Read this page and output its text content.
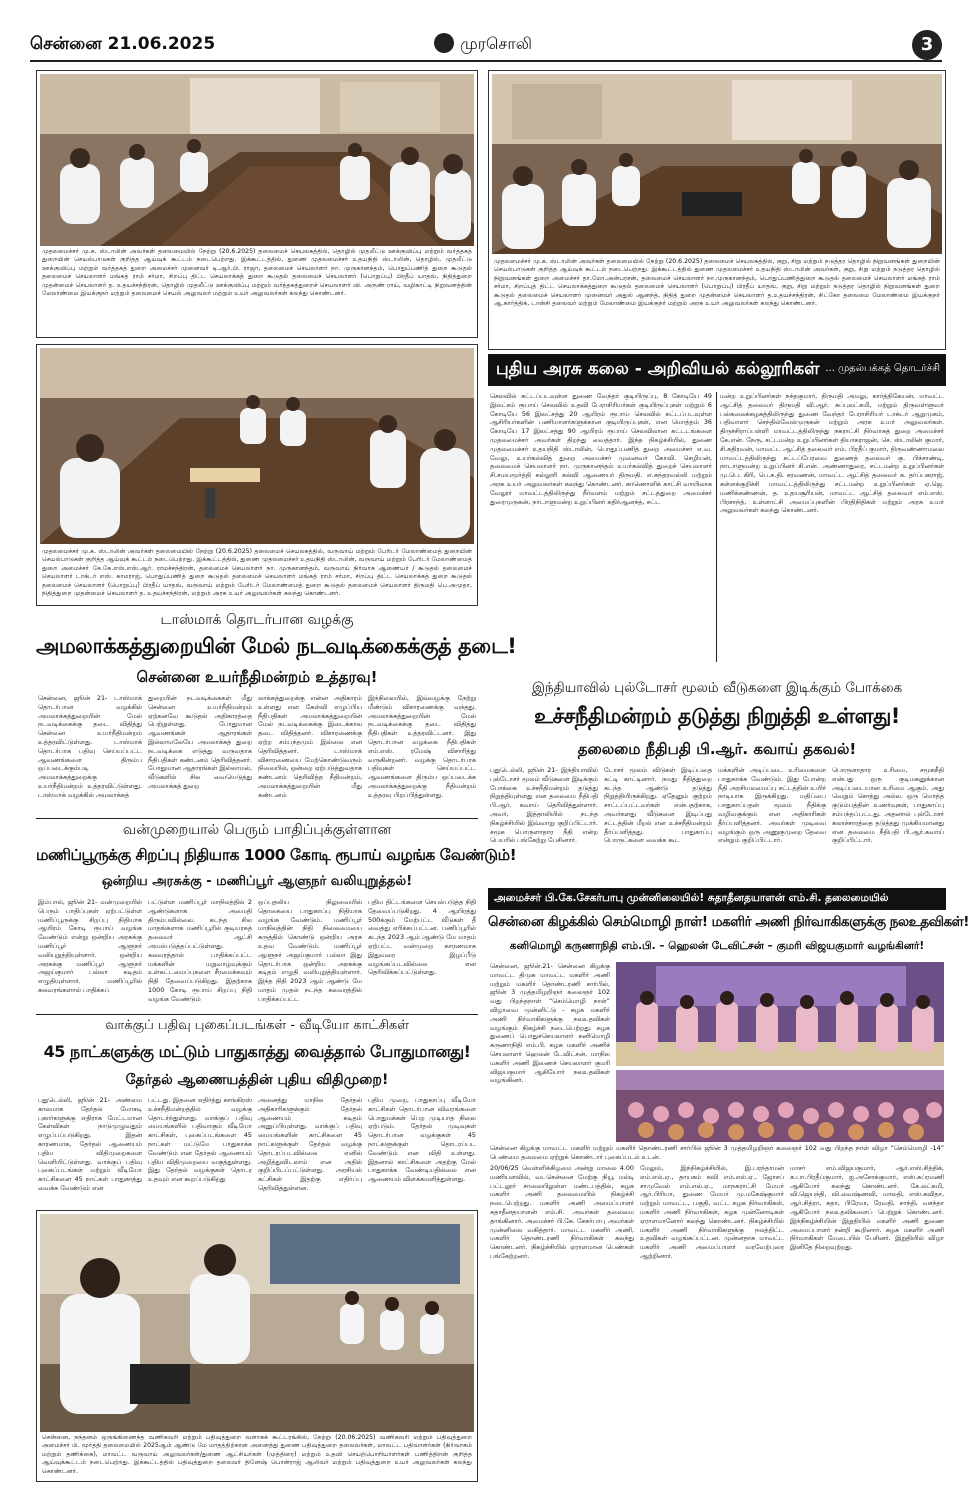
சென்னை 21.06.2025	முரசொலி	3
முதலமைச்சர் மு.க. ஸ்டாலின் அவர்கள் தலைமையில் நேற்று (20.6.2025) தலைமைச் செயலகத்தில், தொழில் முதலீட்டு ஊக்குவிப்பு மற்றும் வர்த்தகத் துறையின் செயல்பாடுகள் குறித்த ஆய்வுக் கூட்டம் நடைபெற்றது. இக்கூட்டத்தில், துணை முதலமைச்சர் உதயநிதி ஸ்டாலின், தொழில், முதலீட்டு ஊக்குவிப்பு மற்றும் வர்த்தகத் துறை அமைச்சர் முனைவர் டி.ஆர்.பி. ராஜா, தலைமைச் செயலாளர் நா. முருகானந்தம், பொதுப்பணித் துறை கூடுதல் தலைமைச் செயலாளர் மங்கத் ராம் சர்மா, சிறப்பு திட்ட செயலாக்கத் துறை கூடுதல் தலைமைச் செயலாளர் (பொறுப்பு) பிரதீப் யாதவ், நிதித்துறை முதன்மைச் செயலாளர் த. உதயச்சந்திரன், தொழில் முதலீட்டு ஊக்குவிப்பு மற்றும் வர்த்தகத்துறைச் செயலாளர் வி. அருண் ராய், வழிகாட்டி நிறுவனத்தின் மேலாண்மை இயக்குநர் மற்றும் தலைமைச் செயல் அலுவலர் மற்றும் உயர் அலுவலர்கள் கலந்து கொண்டனர்.
முதலமைச்சர் மு.க. ஸ்டாலின் அவர்கள் தலைமையில் நேற்று (20.6.2025) தலைமைச் செயலகத்தில், குறு, சிறு மற்றும் நடுத்தர தொழில் நிறுவனங்கள் துறையின் செயல்பாடுகள் குறித்த ஆய்வுக் கூட்டம் நடைபெற்றது. இக்கூட்டத்தில் துணை முதலமைச்சர் உதயநிதி ஸ்டாலின் அவர்கள், குறு, சிறு மற்றும் நடுத்தர தொழில் நிறுவனங்கள் துறை அமைச்சர் தா.மோ.அன்பரசன், தலைமைச் செயலாளர் நா.முருகானந்தம், பொதுப்பணித்துறை கூடுதல் தலைமைச் செயலாளர் மங்கத் ராம் சர்மா, சிறப்புத் திட்ட செயலாக்கத்துறை கூடுதல் தலைமைச் செயலாளர் (பொறுப்பு) பிரதீப் யாதவ், குறு, சிறு மற்றும் நடுத்தர தொழில் நிறுவனங்கள் துறை கூடுதல் தலைமைச் செயலாளர் முனைவர் அதுல் ஆனந்த், நிதித் துறை முதன்மைச் செயலாளர் த.உதயச்சந்திரன், சிட்கோ தலைமை மேலாண்மை இயக்குநர் ஆ.கார்த்திக், டான்சி தலைவர் மற்றும் மேலாண்மை இயக்குநர் மற்றும் அரசு உயர் அலுவலர்கள் கலந்து கொண்டனர்.
முதலமைச்சர் மு.க. ஸ்டாலின் அவர்கள் தலைமையில் நேற்று (20.6.2025) தலைமைச் செயலகத்தில், வருவாய் மற்றும் பேரிடர் மேலாண்மைத் துறையின் செயல்பாடுகள் குறித்த ஆய்வுக் கூட்டம் நடைபெற்றது. இக்கூட்டத்தில், துணை முதலமைச்சர் உதயநிதி ஸ்டாலின், வருவாய் மற்றும் பேரிடர் மேலாண்மைத் துறை அமைச்சர் கே.கே.எஸ்.எஸ்.ஆர். ராமச்சந்திரன், தலைமைச் செயலாளர் நா. முருகானந்தம், வருவாய் நிர்வாக ஆணையர் / கூடுதல் தலைமைச் செயலாளர் டாக்டர் எஸ். காமராஜ், பொதுப்பணித் துறை கூடுதல் தலைமைச் செயலாளர் மங்கத் ராம் சர்மா, சிறப்பு திட்ட செயலாக்கத் துறை கூடுதல் தலைமைச் செயலாளர் (பொறுப்பு) பிரதீப் யாதவ், வருவாய் மற்றும் பேரிடர் மேலாண்மைத் துறை கூடுதல் தலைமைச் செயலாளர் திருமதி பெ.அமுதா, நிதித்துறை முதன்மைச் செயலாளர் த. உதயச்சந்திரன், மற்றும் அரசு உயர் அலுவலர்கள் கலந்து கொண்டனர்.
புதிய அரசு கலை - அறிவியல் கல்லூரிகள் ... முதல்பக்கத் தொடர்ச்சி
செலவில் கட்டப்படவுள்ள துணை வேந்தர் குடியிருப்பு, 8 கோடியே 49 இலட்சம் ரூபாய் செலவில் உதவி பேராசிரியர்கள் குடியிருப்புகள் மற்றும் 6 கோடியே 56 இலட்சத்து 20 ஆயிரம் ரூபாய் செலவில் கட்டப்படவுள்ள ஆசிரியர்களின் பணியாளர்களுக்கான குடியிருப்புகள், என மொத்தம் 36 கோடியே 17 இலட்சத்து 90 ஆயிரம் ரூபாய் செலவிலான கட்டடங்களை முதலமைச்சர் அவர்கள் திறந்து வைத்தார். இந்த நிகழ்ச்சியில், துணை முதலமைச்சர் உதயநிதி ஸ்டாலின், பொதுப்பணித் துறை அமைச்சர் எ.வ. வேலு, உயர்கல்வித் துறை அமைச்சர் முனைவர் கோவி. செழியன், தலைமைச் செயலாளர் நா. முருகானந்தம் உயர்கல்வித் துறைச் செயலாளர் சி.சமயமூர்த்தி கல்லூரி கல்வி ஆணையர் திருமதி. எ.சுந்தரவல்லி மற்றும் அரசு உயர் அலுவலர்கள் கலந்து கொண்டனர். காணொளிக் காட்சி வாயிலாக வேலூர் மாவட்டத்திலிருந்து நீர்வளம் மற்றும் சட்டத்துறை அமைச்சர் துரைமுருகன், நாடாளுமன்ற உறுப்பினர் கதிர்ஆனந்த், சட்ட
மன்ற உறுப்பினர்கள் நந்தகுமார், திருமதி அமலு, கார்த்திகேயன், மாவட்ட ஆட்சித் தலைவர் திருமதி வி.ஆர். சுப்புலட்சுமி, மற்றும் திருவள்ளுவர் பல்கலைக்கழகத்திலிருந்து துணை வேந்தர் பேராசிரியர் டாக்டர் ஆறுமுகம், பதிவாளர் செந்தில்வேல்முருகன் மற்றும் அரசு உயர் அலுவலர்கள். திருச்சிராப்பள்ளி மாவட்டத்திலிருந்து நகராட்சி நிர்வாகத் துறை அமைச்சர் கே.என். நேரு, சட்டமன்ற உறுப்பினர்கள் தியாகராஜன், செ. ஸ்டாலின் குமார், சி.கதிரவன், மாவட்ட ஆட்சித் தலைவர் எம். பிரதீப் குமார், திருவண்ணாமலை மாவட்டத்திலிருந்து சட்டப்பேரவை துணைத் தலைவர் கு. பிச்சாண்டி, நாடாளுமன்ற உறுப்பினர் சி.என். அண்ணாதுரை, சட்டமன்ற உறுப்பினர்கள் மு.பெ. கிரி, பெ.சு.தி. சரவணன், மாவட்ட ஆட்சித் தலைவர் க. தர்ப்பகராஜ், கள்ளக்குறிச்சி மாவட்டத்திலிருந்து சட்டமன்ற உறுப்பினர்கள் ஏ.ஜெ. மணிக்கண்ணன், த. உதயசூரியன், மாவட்ட ஆட்சித் தலைவர் எம்.எஸ். பிரசாந்த், உள்ளாட்சி அமைப்புகளின் பிரதிநிதிகள் மற்றும் அரசு உயர் அலுவலர்கள் கலந்து கொண்டனர்.
டாஸ்மாக் தொடர்பான வழக்கு
அமலாக்கத்துறையின் மேல் நடவடிக்கைக்குத் தடை!
சென்னை உயர்நீதிமன்றம் உத்தரவு!
சென்னை, ஜூன் 21- டாஸ்மாக் தொடர்பான வழக்கில் அமலாக்கத்துறையின் மேல் நடவடிக்கைக்கு தடை விதித்து சென்னை உயர்நீதிமன்றம் உத்தரவிட்டுள்ளது. டாஸ்மாக் தொடர்பாக பதிவு செய்யப்பட்ட ஆவணங்களை திரும்ப ஒப்படைக்கும்படி அமலாக்கத்துறைக்கு உயர்நீதிமன்றம் உத்தரவிட்டுள்ளது. டாஸ்மாக் வழக்கில் அமலாக்கத்
துறையின் நடவடிக்கைகள் மீது சென்னை உயர்நீதிமன்றம் ஏற்கனவே கூடுதல் அதிகாரத்தை பெற்றுள்ளது. போதுமான ஆவணங்கள் ஆதாரங்கள் இல்லாமலேயே அமலாக்கத் துறை நடவடிக்கை எடுத்து வருவதாக நீதிபதிகள் கண்டனம் தெரிவித்தனர். போதுமான ஆதாரங்கள் இல்லாமல், வீடுகளில் சில வையெடுத்து அமலாக்கத் துறை
லாக்கத்துறைக்கு என்ன அதிகாரம் உள்ளது என கேள்வி எழுப்பிய நீதிபதிகள் அமலாக்கத்துறையின் மேல் நடவடிக்கைக்கு இடைக்கால தடை விதித்தனர். விசாரணைக்கு ஏற்ற சம்பந்தமும் இல்லை என தெரிவித்தனர். டாஸ்மாக் விசாரணையை மேற்கொண்டுவரும் நிலையில், ஒன்றை ஏற்படுத்துவதாக கண்டனம் தெரிவித்த நீதிமன்றம், அமலாக்கத்துறையின் மீது கண்டனம்
இந்நிலையில், இவ்வழக்கு நேற்று மீண்டும் விசாரணைக்கு வந்தது. அமலாக்கத்துறையின் மேல் நடவடிக்கைக்கு தடை விதித்து நீதிபதிகள் உத்தரவிட்டனர். இது தொடர்பான வழக்கை நீதிபதிகள் எம்.எஸ். ரமேஷ் விசாரித்து வருகின்றனர். வழக்கு தொடர்பாக பதிவுகள் செய்யப்பட்ட ஆவணங்களை திரும்ப ஒப்படைக்க அமலாக்கத்துறைக்கு நீதிமன்றம் உத்தரவு பிறப்பித்துள்ளது.
வன்முறையால் பெரும் பாதிப்புக்குள்ளான
மணிப்பூருக்கு சிறப்பு நிதியாக 1000 கோடி ரூபாய் வழங்க வேண்டும்!
ஒன்றிய அரசுக்கு - மணிப்பூர் ஆளுநர் வலியுறுத்தல்!
இம்பால், ஜூன் 21- வன்முறையில் பெரும் பாதிப்புகள் ஏற்பட்டுள்ள மணிப்பூருக்கு சிறப்பு நிதியாக ஆயிரம் கோடி ரூபாய் வழங்க வேண்டும் என்று ஒன்றிய அரசுக்கு மணிப்பூர் ஆளுநர் வலியுறுத்தியுள்ளார். ஒன்றிய அரசுக்கு மணிப்பூர் ஆளுநர் அஜய்குமார் பல்லா கடிதம் எழுதியுள்ளார். மணிப்பூரில் கலவரங்களால் பாதிக்கப்
பட்டுள்ள மணிப்பூர் மாநிலத்தில் 2 ஆண்டுகளாக அமைதி திரும்பவில்லை. கடந்த சில மாதங்களாக மணிப்பூரில் குடியரசுத் தலைவர் ஆட்சி அமல்படுத்தப்பட்டுள்ளது. கலவரத்தால் பாதிக்கப்பட்ட மக்களின் மறுவாழ்வுக்கும் உள்கட்டமைப்புகளை சீரமைக்கவும் நிதி தேவைப்படுகிறது. இதற்காக 1000 கோடி ரூபாய் சிறப்பு நிதி வழங்க வேண்டும்
ஒப்புதலிய நிலுவையில் தொகையை பாதுகாப்பு நிதியாக வழங்க வேண்டும். மணிப்பூர் மாநிலத்தின் நிதி நிலைமையை கருத்தில் கொண்டு ஒன்றிய அரசு உதவ வேண்டும். மணிப்பூர் ஆளுநர் அஜய்குமார் பல்லா இது தொடர்பாக ஒன்றிய அரசுக்கு கடிதம் எழுதி வலியுறுத்தியுள்ளார். இந்த நிதி 2023 ஆம் ஆண்டு மே மாதம் முதல் நடந்த கலவரத்தில் பாதிக்கப்பட்ட
புதிய திட்டங்களை செயல்படுத்த நிதி தேவைப்படுகிறது. 4 ஆயிரத்து 500க்கும் மேற்பட்ட வீடுகள் தீ வைத்து எரிக்கப்பட்டன. பணிப்பூரில் கடந்த 2023 ஆம் ஆண்டு மே மாதம் ஏற்பட்ட வன்முறை காரணமாக இதுவரை இழப்பீடு வழங்கப்படவில்லை என தெரிவிக்கப்பட்டுள்ளது.
வாக்குப் பதிவு புகைப்படங்கள் - வீடியோ காட்சிகள்
45 நாட்களுக்கு மட்டும் பாதுகாத்து வைத்தால் போதுமானது!
தேர்தல் ஆணையத்தின் புதிய விதிமுறை!
புதுடெல்லி, ஜூன் 21- அண்மை காலமாக தேர்தல் மோசடி புகார்களுக்கு எதிராக மேட்டமான கேள்விகள் நாடுமுழுவதும் எழுப்பப்படுகிறது. இதன் காரணமாக, தேர்தல் ஆணையம் புதிய விதிமுறைகளை வெளியிட்டுள்ளது. வாக்குப் பதிவு புகைப்படங்கள் மற்றும் வீடியோ காட்சிகளை 45 நாட்கள் பாதுகாத்து வைக்க வேண்டும் என
பட்டது. இதனை எதிர்த்து காங்கிரஸ் உச்சநீதிமன்றத்தில் வழக்கு தொடர்ந்துள்ளது. வாக்குப் பதிவு மையங்களில் பதிவாகும் வீடியோ காட்சிகள், புகைப்படங்களை 45 நாட்கள் மட்டுமே பாதுகாக்க வேண்டும் என தேர்தல் ஆணையம் புதிய விதிமுறையை வகுத்துள்ளது. இது தேர்தல் வழக்குகள் தொடர உதவும் என கூறப்படுகிறது
அனைத்து மாநில தேர்தல் அதிகாரிகளுக்கும் தேர்தல் ஆணையம் கடிதம் அனுப்பியுள்ளது. வாக்குப் பதிவு மையங்களின் காட்சிகளை 45 நாட்களுக்குள் தேர்தல் வழக்கு தொடரப்படவில்லை எனில் அழித்துவிடலாம் என அதில் குறிப்பிடப்பட்டுள்ளது. அரசியல் கட்சிகள் இதற்கு எதிர்ப்பு தெரிவித்துள்ளன.
புதிய முறை, பாதுகாப்பு வீடியோ காட்சிகள் தொடர்பான விவரங்களை பொதுமக்கள் பெற முடியாத நிலை ஏற்படும். தேர்தல் முடிவுகள் தொடர்பான வழக்குகள் 45 நாட்களுக்குள் தொடரப்பட வேண்டும் என விதி உள்ளது. இதனால் காட்சிகளை அதற்கு மேல் பாதுகாக்க வேண்டியதில்லை என ஆணையம் விளக்கமளித்துள்ளது.
சென்னை, நந்தனம் ஒருங்கிணைந்த வணிகவரி மற்றும் பதிவுத்துறை வளாகக் கூட்டரங்கில், நேற்று (20.06.2025) வணிகவரி மற்றும் பதிவுத்துறை அமைச்சர் பி. மூர்த்தி தலைமையில் 2025ஆம் ஆண்டு மே மாதத்திற்கான அனைத்து துணை பதிவுத்துறை தலைவர்கள், மாவட்ட பதிவாளர்கள் (நிர்வாகம் மற்றும் தணிக்கை), மாவட்ட வருவாய் அலுவலர்கள்/துணை ஆட்சியர்கள் (முத்திரை) மற்றும் உதவி செயற்பொறியாளர்கள் பணித்திறன் குறித்த ஆய்வுக்கூட்டம் நடைபெற்றது. இக்கூட்டத்தில் பதிவுத்துறை தலைவர் தினேஷ் பொன்ராஜ் ஆலிவர் மற்றும் பதிவுத்துறை உயர் அலுவலர்கள் கலந்து கொண்டனர்.
இந்தியாவில் புல்டோசர் மூலம் வீடுகளை இடிக்கும் போக்கை
உச்சநீதிமன்றம் தடுத்து நிறுத்தி உள்ளது!
தலைமை நீதிபதி பி.ஆர். கவாய் தகவல்!
புதுடெல்லி, ஜூன் 21- இந்தியாவில் புல்டோசர் மூலம் வீடுகளை இடிக்கும் போக்கை உச்சநீதிமன்றம் தடுத்து நிறுத்தியுள்ளது என தலைமை நீதிபதி பி.ஆர். கவாய் தெரிவித்துள்ளார். அவர், இத்தாலியில் நடந்த நிகழ்ச்சியில் இவ்வாறு குறிப்பிட்டார். சமூக பொருளாதார நீதி என்ற பெயரில் பங்கேற்று பேசினார்.
டோசர் மூலம் விடுகள் இடிப்பதை கட்டி காட்டினார். நமது நீதித்துறை கடந்த ஆண்டு தடுத்து நிறுத்தியிருக்கிறது. ஏதேனும் குற்றம் சாட்டப்பட்டவர்கள் என்பதற்காக, அவர்களது வீடுகளை இடிப்பது சட்டத்தின் மீறல் என உச்சநீதிமன்றம் தீர்ப்பளித்தது. பாதுகாப்பு பொருட்களை வைக்க கூட
மக்களின் அடிப்படை உரிமைகளை பாதுகாக்க வேண்டும். இது போன்ற நீதி அரசியலமைப்பு சட்டத்தின் உயிர் நாடியாக இருக்கிறது. மதிப்பை பாதுகாப்பதன் மூலம் நீதிக்கு வழிவகுக்கும் என அதிகாரிகள் தீர்ப்பளித்தனர். அவர்கள் முடிவை வழங்கும் ஒரு அணுகுமுறை தேவை என்றும் குறிப்பிட்டார்.
பொருளாதார உரிமை, சமூகநீதி என்பது ஒரு குடிமகனுக்கான அடிப்படையான உரிமை ஆகும். அது வெறும் சொத்து அல்ல. ஒரு மொத்த குடும்பத்தின் உணர்வுகள், பாதுகாப்பு சம்பந்தப்பட்டது. அதனால் புல்டோசர் கலாச்சாரத்தை தடுத்தது முக்கியமானது என தலைமை நீதிபதி பி.ஆர்.கவாய் குறிப்பிட்டார்.
அமைச்சர் பி.கே.சேகர்பாபு முன்னிலையில்! சுதாதீனதயாளன் எம்.சி. தலைமையில்
சென்னை கிழக்கில் செம்மொழி நாள்! மகளிர் அணி நிர்வாகிகளுக்கு நலஉதவிகள்!
கனிமொழி கருணாநிதி எம்.பி. – ஹெலன் டேவிட்சன் – குமரி விஜயகுமார் வழங்கினர்!
சென்னை, ஜூன்.21- சென்னை கிழக்கு மாவட்ட திமுக மாவட்ட மகளிர் அணி மற்றும் மகளிர் தொண்டரணி சார்பில், ஜூன் 3 முத்தமிழறிஞர் கலைஞர் 102 வது பிறந்தநாள் “செம்மொழி நாள்” விழாவை முன்னிட்டு - கழக மகளிர் அணி நிர்வாகிகளுக்கு நலஉதவிகள் வழங்கும் நிகழ்ச்சி நடைபெற்றது. கழக துணைப் பொதுச்செயலாளர் கனிமொழி கருணாநிதி எம்.பி. கழக மகளிர் அணிச் செயலாளர் ஹெலன் டேவிட்சன், மாநில மகளிர் அணி இணைச் செயலாளர் குமரி விஜயகுமார் ஆகியோர் நலஉதவிகள் வழங்கினர்.
சென்னை கிழக்கு மாவட்ட மகளிர் மற்றும் மகளிர் தொண்டரணி சார்பில் ஜூன் 3 முத்தமிழறிஞர் கலைஞர் 102 வது பிறந்த நாள் விழா “செம்மொழி -14” பெண்மை தலைமை ஏற்றுக் கொண்டார் புகைப்படம் உடன்.
20/06/25 வெள்ளிக்கிழமை அன்று மாலை 4.00 மணியளவில், வடசென்னை மேற்கு நியூ மல்டி பட்டலூர் சாலையிலுள்ள மண்டபத்தில், கழக மகளிர் அணி தலைமையில் நிகழ்ச்சி நடைபெற்றது. மகளிர் அணி அமைப்பாளர் சுதாதீனதயாளன் எம்.சி. அவர்கள் தலைமை தாங்கினார். அமைச்சர் பி.கே. சேகர்பாபு அவர்கள் முன்னிலை வகித்தார். மாவட்ட மகளிர் அணி, மகளிர் தொண்டரணி நிர்வாகிகள் கலந்து கொண்டனர். நிகழ்ச்சியில் ஏராளமான பெண்கள் பங்கேற்றனர்.
மேலும், இந்நிகழ்ச்சியில், இ.பரந்தாமன் எம்.எல்.ஏ., தாயகம் கவி எம்.எல்.ஏ., ஜோசப் சாமுவேல் எம்.எல்.ஏ., மாநகராட்சி மேயர் ஆர்.பிரியா, துணை மேயர் மு.மகேஷ்குமார் மற்றும் மாவட்ட, பகுதி, வட்ட கழக நிர்வாகிகள், மகளிர் அணி நிர்வாகிகள், கழக முன்னோடிகள் ஏராளமானோர் கலந்து கொண்டனர். நிகழ்ச்சியில் மகளிர் அணி நிர்வாகிகளுக்கு நலத்திட்ட உதவிகள் வழங்கப்பட்டன. முன்னதாக மாவட்ட மகளிர் அணி அமைப்பாளர் வரவேற்புரை ஆற்றினார்.
மாசர் எம்.விஜயகுமார், ஆர்.எஸ்.சித்திக், க.பா.பிரதீப்குமார், ஐ.அசோக்குமார், எஸ்.சுப்ரமணி ஆகியோர் கலந்து கொண்டனர். கே.லட்சுமி, வி.ஜெயந்தி, வி.வைஷ்ணவி, மாலதி, எஸ்.கவிதா, ஆர்.சித்ரா, சுதா, பிரேமா, ரேவதி, சாந்தி, வசந்தா ஆகியோர் நலஉதவிகளைப் பெற்றுக் கொண்டனர். இந்நிகழ்ச்சியின் இறுதியில் மகளிர் அணி துணை அமைப்பாளர் நன்றி கூறினார். கழக மகளிர் அணி நிர்வாகிகள் மேடையில் பேசினர். இறுதியில் விழா இனிதே நிறைவுற்றது.
